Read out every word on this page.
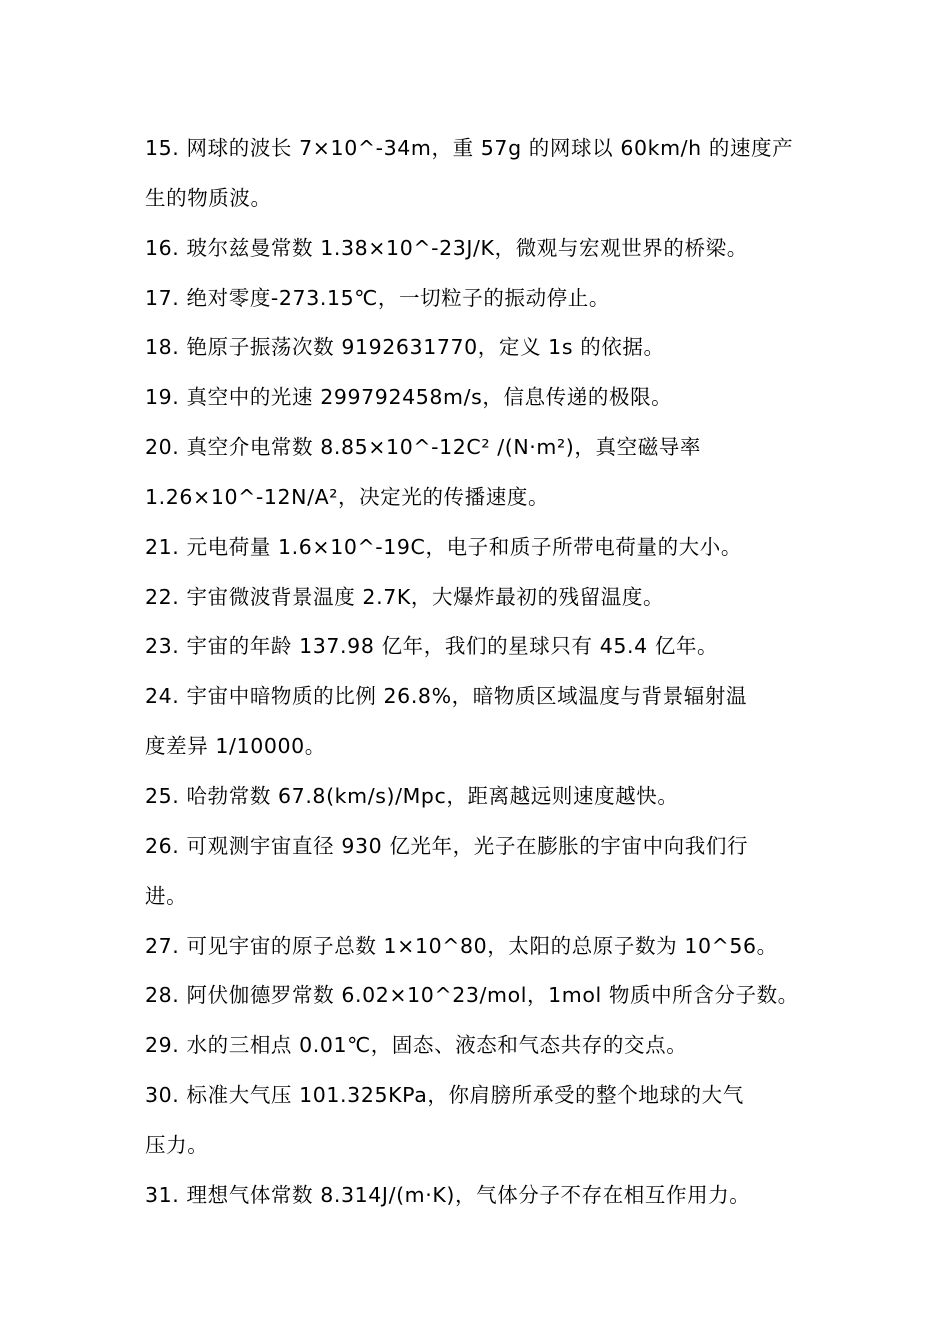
15. 网球的波长 7×10^-34m，重 57g 的网球以 60km/h 的速度产
生的物质波。
16. 玻尔兹曼常数 1.38×10^-23J/K，微观与宏观世界的桥梁。
17. 绝对零度-273.15℃，一切粒子的振动停止。
18. 铯原子振荡次数 9192631770，定义 1s 的依据。
19. 真空中的光速 299792458m/s，信息传递的极限。
20. 真空介电常数 8.85×10^-12C² /(N·m²)，真空磁导率
1.26×10^-12N/A²，决定光的传播速度。
21. 元电荷量 1.6×10^-19C，电子和质子所带电荷量的大小。
22. 宇宙微波背景温度 2.7K，大爆炸最初的残留温度。
23. 宇宙的年龄 137.98 亿年，我们的星球只有 45.4 亿年。
24. 宇宙中暗物质的比例 26.8%，暗物质区域温度与背景辐射温
度差异 1/10000。
25. 哈勃常数 67.8(km/s)/Mpc，距离越远则速度越快。
26. 可观测宇宙直径 930 亿光年，光子在膨胀的宇宙中向我们行
进。
27. 可见宇宙的原子总数 1×10^80，太阳的总原子数为 10^56。
28. 阿伏伽德罗常数 6.02×10^23/mol，1mol 物质中所含分子数。
29. 水的三相点 0.01℃，固态、液态和气态共存的交点。
30. 标准大气压 101.325KPa，你肩膀所承受的整个地球的大气
压力。
31. 理想气体常数 8.314J/(m·K)，气体分子不存在相互作用力。
